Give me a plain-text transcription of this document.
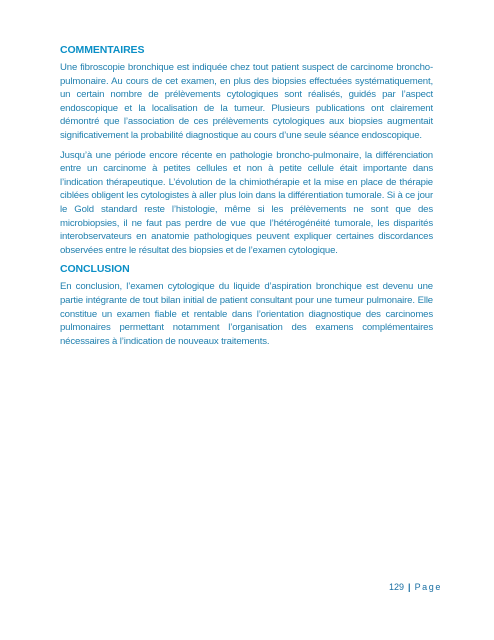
COMMENTAIRES

Une fibroscopie bronchique est indiquée chez tout patient suspect de carcinome broncho-pulmonaire. Au cours de cet examen, en plus des biopsies effectuées systématiquement, un certain nombre de prélèvements cytologiques sont réalisés, guidés par l’aspect endoscopique et la localisation de la tumeur. Plusieurs publications ont clairement démontré que l’association de ces prélèvements cytologiques aux biopsies augmentait significativement la probabilité diagnostique au cours d’une seule séance endoscopique.

Jusqu’à une période encore récente en pathologie broncho-pulmonaire, la différenciation entre un carcinome à petites cellules et non à petite cellule était importante dans l’indication thérapeutique. L’évolution de la chimiothérapie et la mise en place de thérapie ciblées obligent les cytologistes à aller plus loin dans la différentiation tumorale. Si à ce jour le Gold standard reste l’histologie, même si les prélèvements ne sont que des microbiopsies, il ne faut pas perdre de vue que l’hétérogénéité tumorale, les disparités interobservateurs en anatomie pathologiques peuvent expliquer certaines discordances observées entre le résultat des biopsies et de l’examen cytologique.

CONCLUSION

En conclusion, l’examen cytologique du liquide d’aspiration bronchique est devenu une partie intégrante de tout bilan initial de patient consultant pour une tumeur pulmonaire. Elle constitue un examen fiable et rentable dans l’orientation diagnostique des carcinomes pulmonaires permettant notamment l’organisation des examens complémentaires nécessaires à l’indication de nouveaux traitements.

129 | Page
